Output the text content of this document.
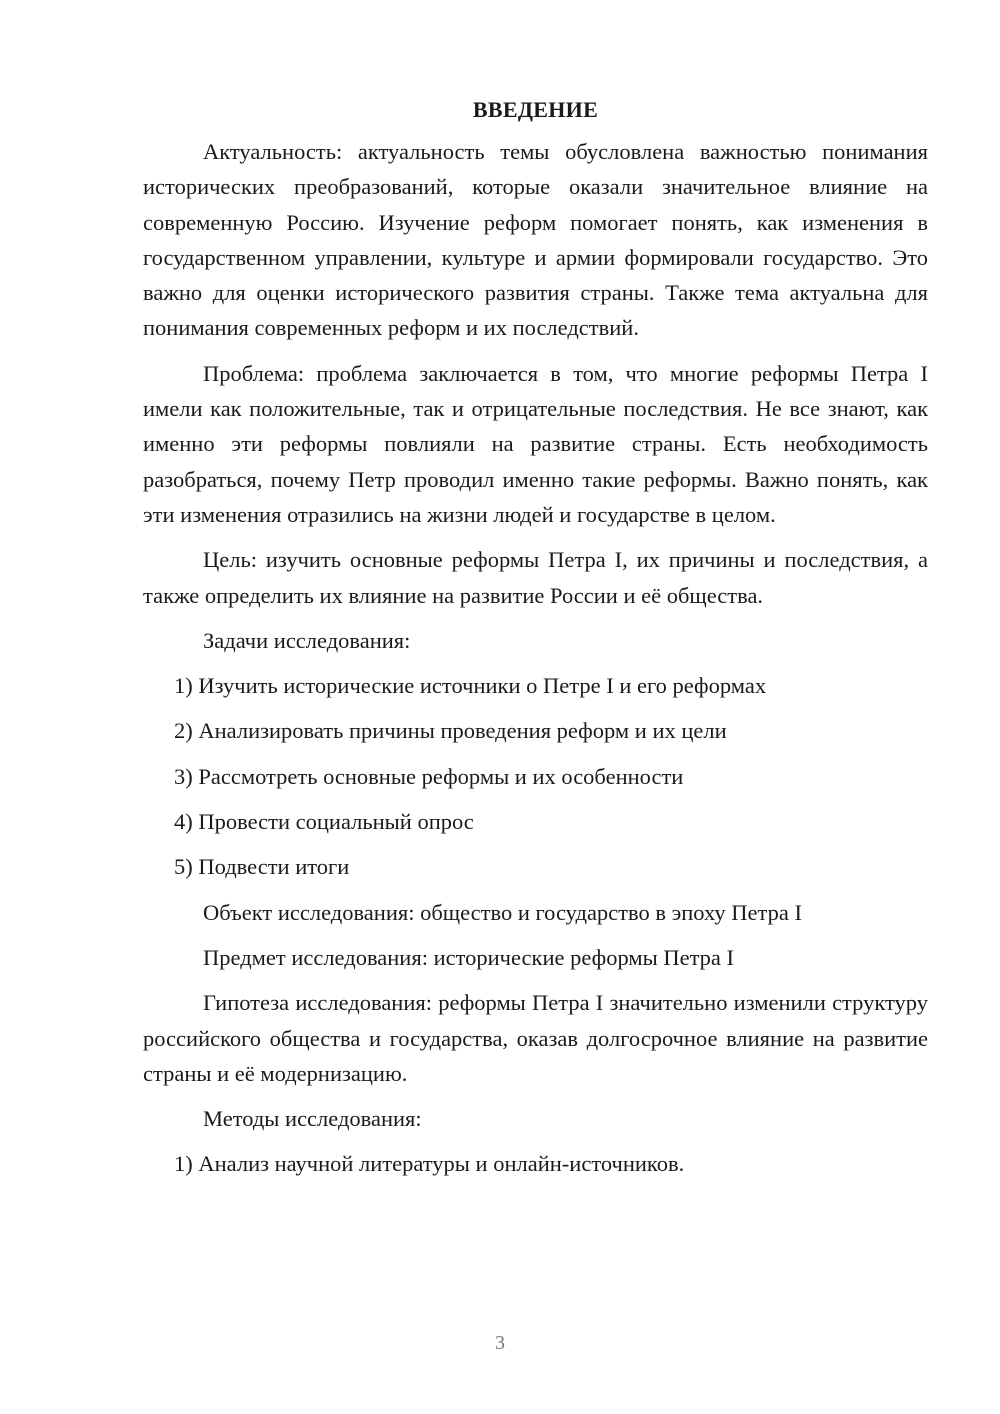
ВВЕДЕНИЕ

Актуальность: актуальность темы обусловлена важностью понимания исторических преобразований, которые оказали значительное влияние на современную Россию. Изучение реформ помогает понять, как изменения в государственном управлении, культуре и армии формировали государство. Это важно для оценки исторического развития страны. Также тема актуальна для понимания современных реформ и их последствий.

Проблема: проблема заключается в том, что многие реформы Петра I имели как положительные, так и отрицательные последствия. Не все знают, как именно эти реформы повлияли на развитие страны. Есть необходимость разобраться, почему Петр проводил именно такие реформы. Важно понять, как эти изменения отразились на жизни людей и государстве в целом.

Цель: изучить основные реформы Петра I, их причины и последствия, а также определить их влияние на развитие России и её общества.

Задачи исследования:
1) Изучить исторические источники о Петре I и его реформах
2) Анализировать причины проведения реформ и их цели
3) Рассмотреть основные реформы и их особенности
4) Провести социальный опрос
5) Подвести итоги
Объект исследования: общество и государство в эпоху Петра I
Предмет исследования: исторические реформы Петра I

Гипотеза исследования: реформы Петра I значительно изменили структуру российского общества и государства, оказав долгосрочное влияние на развитие страны и её модернизацию.

Методы исследования:
1) Анализ научной литературы и онлайн-источников.
3
